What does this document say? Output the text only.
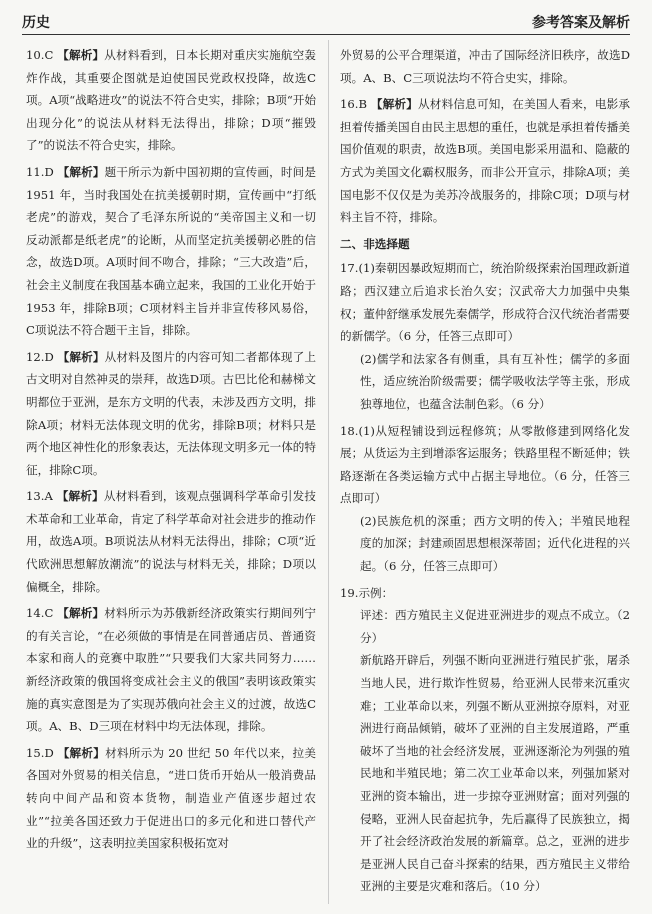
历史	参考答案及解析
10.C 【解析】从材料看到，日本长期对重庆实施航空轰炸作战，其重要企图就是迫使国民党政权投降，故选C项。A项“战略进攻”的说法不符合史实，排除；B项“开始出现分化”的说法从材料无法得出，排除；D项“摧毁了”的说法不符合史实，排除。
11.D 【解析】题干所示为新中国初期的宣传画，时间是 1951 年，当时我国处在抗美援朝时期，宣传画中“打纸老虎”的游戏，契合了毛泽东所说的“美帝国主义和一切反动派都是纸老虎”的论断，从而坚定抗美援朝必胜的信念，故选D项。A项时间不吻合，排除；“三大改造”后，社会主义制度在我国基本确立起来，我国的工业化开始于 1953 年，排除B项；C项材料主旨并非宣传移风易俗，C项说法不符合题干主旨，排除。
12.D 【解析】从材料及图片的内容可知二者都体现了上古文明对自然神灵的崇拜，故选D项。古巴比伦和赫梯文明都位于亚洲，是东方文明的代表，未涉及西方文明，排除A项；材料无法体现文明的优劣，排除B项；材料只是两个地区神性化的形象表达，无法体现文明多元一体的特征，排除C项。
13.A 【解析】从材料看到，该观点强调科学革命引发技术革命和工业革命，肯定了科学革命对社会进步的推动作用，故选A项。B项说法从材料无法得出，排除；C项“近代欧洲思想解放潮流”的说法与材料无关，排除；D项以偏概全，排除。
14.C 【解析】材料所示为苏俄新经济政策实行期间列宁的有关言论，“在必须做的事情是在同普通店员、普通资本家和商人的竞赛中取胜”“只要我们大家共同努力……新经济政策的俄国将变成社会主义的俄国”表明该政策实施的真实意图是为了实现苏俄向社会主义的过渡，故选C项。A、B、D三项在材料中均无法体现，排除。
15.D 【解析】材料所示为 20 世纪 50 年代以来，拉美各国对外贸易的相关信息，“进口货币开始从一般消费品转向中间产品和资本货物，制造业产值逐步超过农业”“拉美各国还致力于促进出口的多元化和进口替代产业的升级”，这表明拉美国家积极拓宽对
外贸易的公平合理渠道，冲击了国际经济旧秩序，故选D项。A、B、C三项说法均不符合史实，排除。
16.B 【解析】从材料信息可知，在美国人看来，电影承担着传播美国自由民主思想的重任，也就是承担着传播美国价值观的职责，故选B项。美国电影采用温和、隐蔽的方式为美国文化霸权服务，而非公开宣示，排除A项；美国电影不仅仅是为美苏冷战服务的，排除C项；D项与材料主旨不符，排除。
二、非选择题
17.(1)秦朝因暴政短期而亡，统治阶级探索治国理政新道路；西汉建立后追求长治久安；汉武帝大力加强中央集权；董仲舒继承发展先秦儒学，形成符合汉代统治者需要的新儒学。（6 分，任答三点即可）
(2)儒学和法家各有侧重，具有互补性；儒学的多面性，适应统治阶级需要；儒学吸收法学等主张，形成独尊地位，也蕴含法制色彩。（6 分）
18.(1)从短程铺设到远程修筑；从零散修建到网络化发展；从货运为主到增添客运服务；铁路里程不断延伸；铁路逐渐在各类运输方式中占据主导地位。（6 分，任答三点即可）
(2)民族危机的深重；西方文明的传入；半殖民地程度的加深；封建顽固思想根深蒂固；近代化进程的兴起。（6 分，任答三点即可）
19.示例：
评述：西方殖民主义促进亚洲进步的观点不成立。（2 分）
新航路开辟后，列强不断向亚洲进行殖民扩张，屠杀当地人民，进行欺诈性贸易，给亚洲人民带来沉重灾难；工业革命以来，列强不断从亚洲掠夺原料，对亚洲进行商品倾销，破坏了亚洲的自主发展道路，严重破坏了当地的社会经济发展，亚洲逐渐沦为列强的殖民地和半殖民地；第二次工业革命以来，列强加紧对亚洲的资本输出，进一步掠夺亚洲财富；面对列强的侵略，亚洲人民奋起抗争，先后赢得了民族独立，揭开了社会经济政治发展的新篇章。总之，亚洲的进步是亚洲人民自己奋斗探索的结果，西方殖民主义带给亚洲的主要是灾难和落后。（10 分）
